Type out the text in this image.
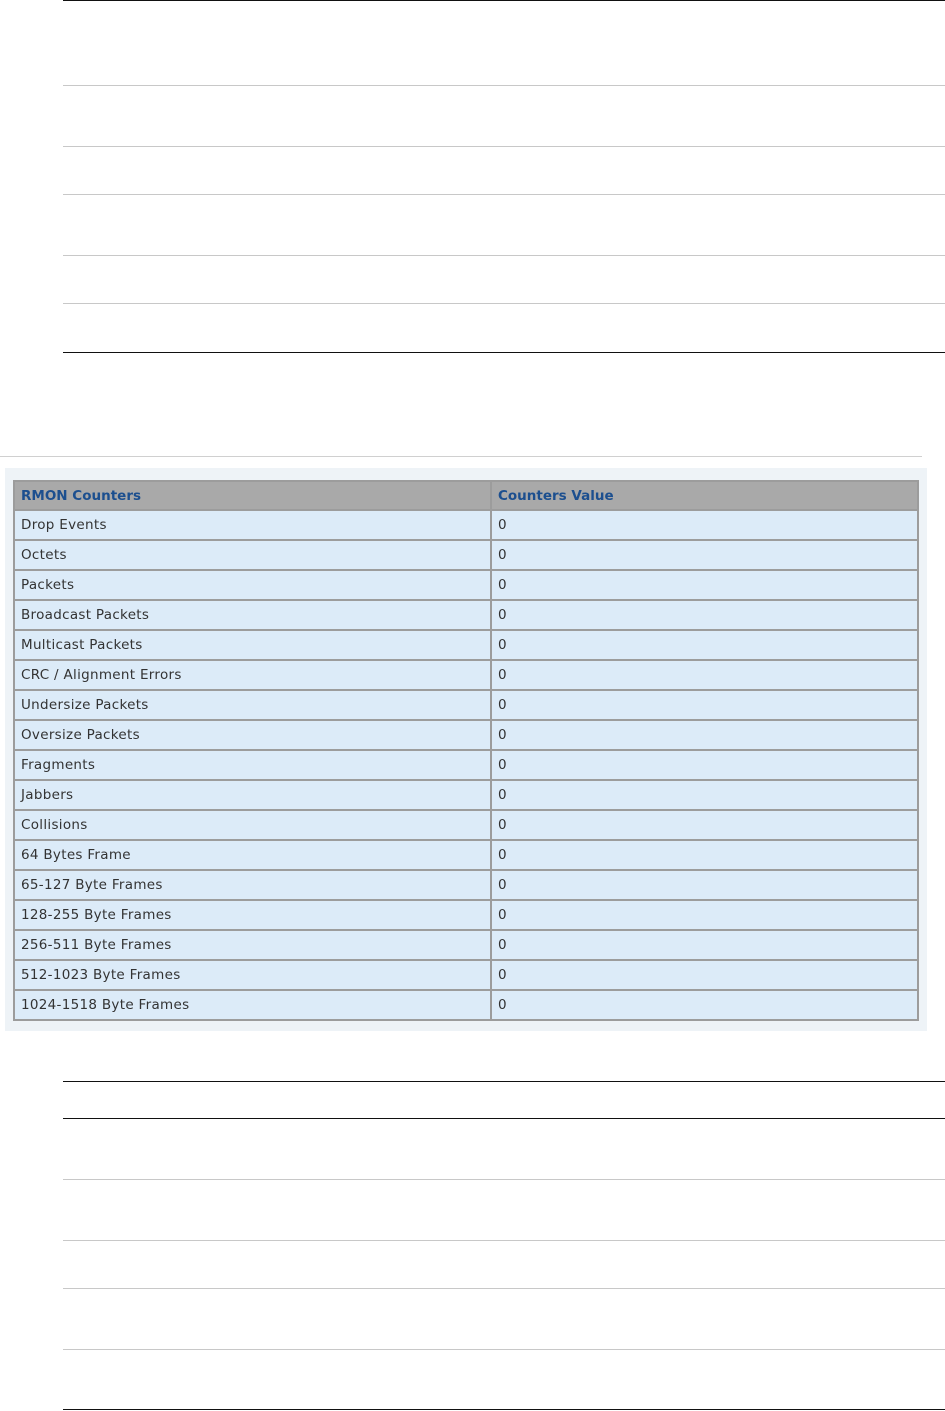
RMON Counters	Counters Value
Drop Events	0
Octets	0
Packets	0
Broadcast Packets	0
Multicast Packets	0
CRC / Alignment Errors	0
Undersize Packets	0
Oversize Packets	0
Fragments	0
Jabbers	0
Collisions	0
64 Bytes Frame	0
65-127 Byte Frames	0
128-255 Byte Frames	0
256-511 Byte Frames	0
512-1023 Byte Frames	0
1024-1518 Byte Frames	0
